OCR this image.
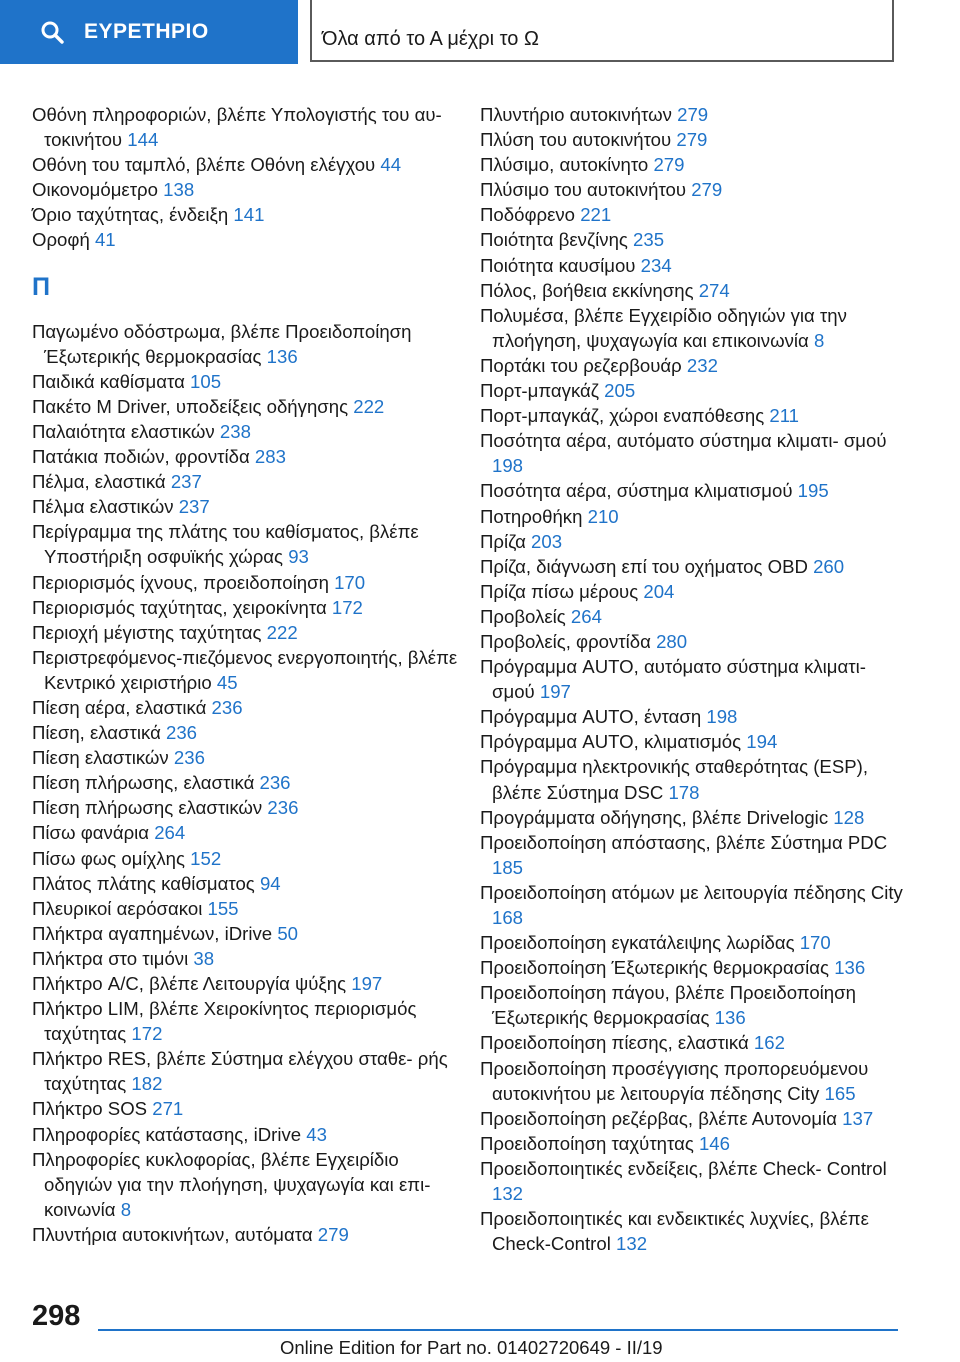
ΕΥΡΕΤΗΡΙΟ	Όλα από το Α μέχρι το Ω
Οθόνη πληροφοριών, βλέπε Υπολογιστής του αυ‐ τοκινήτου 144
Οθόνη του ταμπλό, βλέπε Οθόνη ελέγχου 44
Οικονομόμετρο 138
Όριο ταχύτητας, ένδειξη 141
Οροφή 41
Π
Παγωμένο οδόστρωμα, βλέπε Προειδοποίηση Έξωτερικής θερμοκρασίας 136
Παιδικά καθίσματα 105
Πακέτο M Driver, υποδείξεις οδήγησης 222
Παλαιότητα ελαστικών 238
Πατάκια ποδιών, φροντίδα 283
Πέλμα, ελαστικά 237
Πέλμα ελαστικών 237
Περίγραμμα της πλάτης του καθίσματος, βλέπε Υποστήριξη οσφυϊκής χώρας 93
Περιορισμός ίχνους, προειδοποίηση 170
Περιορισμός ταχύτητας, χειροκίνητα 172
Περιοχή μέγιστης ταχύτητας 222
Περιστρεφόμενος-πιεζόμενος ενεργοποιητής, βλέπε Κεντρικό χειριστήριο 45
Πίεση αέρα, ελαστικά 236
Πίεση, ελαστικά 236
Πίεση ελαστικών 236
Πίεση πλήρωσης, ελαστικά 236
Πίεση πλήρωσης ελαστικών 236
Πίσω φανάρια 264
Πίσω φως ομίχλης 152
Πλάτος πλάτης καθίσματος 94
Πλευρικοί αερόσακοι 155
Πλήκτρα αγαπημένων, iDrive 50
Πλήκτρα στο τιμόνι 38
Πλήκτρο A/C, βλέπε Λειτουργία ψύξης 197
Πλήκτρο LIM, βλέπε Χειροκίνητος περιορισμός ταχύτητας 172
Πλήκτρο RES, βλέπε Σύστημα ελέγχου σταθε‐ ρής ταχύτητας 182
Πλήκτρο SOS 271
Πληροφορίες κατάστασης, iDrive 43
Πληροφορίες κυκλοφορίας, βλέπε Εγχειρίδιο οδηγιών για την πλοήγηση, ψυχαγωγία και επι‐ κοινωνία 8
Πλυντήρια αυτοκινήτων, αυτόματα 279
Πλυντήριο αυτοκινήτων 279
Πλύση του αυτοκινήτου 279
Πλύσιμο, αυτοκίνητο 279
Πλύσιμο του αυτοκινήτου 279
Ποδόφρενο 221
Ποιότητα βενζίνης 235
Ποιότητα καυσίμου 234
Πόλος, βοήθεια εκκίνησης 274
Πολυμέσα, βλέπε Εγχειρίδιο οδηγιών για την πλοήγηση, ψυχαγωγία και επικοινωνία 8
Πορτάκι του ρεζερβουάρ 232
Πορτ-μπαγκάζ 205
Πορτ-μπαγκάζ, χώροι εναπόθεσης 211
Ποσότητα αέρα, αυτόματο σύστημα κλιματι‐ σμού 198
Ποσότητα αέρα, σύστημα κλιματισμού 195
Ποτηροθήκη 210
Πρίζα 203
Πρίζα, διάγνωση επί του οχήματος OBD 260
Πρίζα πίσω μέρους 204
Προβολείς 264
Προβολείς, φροντίδα 280
Πρόγραμμα AUTO, αυτόματο σύστημα κλιματι‐ σμού 197
Πρόγραμμα AUTO, ένταση 198
Πρόγραμμα AUTO, κλιματισμός 194
Πρόγραμμα ηλεκτρονικής σταθερότητας (ESP), βλέπε Σύστημα DSC 178
Προγράμματα οδήγησης, βλέπε Drivelogic 128
Προειδοποίηση απόστασης, βλέπε Σύστημα PDC 185
Προειδοποίηση ατόμων με λειτουργία πέδησης City 168
Προειδοποίηση εγκατάλειψης λωρίδας 170
Προειδοποίηση Έξωτερικής θερμοκρασίας 136
Προειδοποίηση πάγου, βλέπε Προειδοποίηση Έξωτερικής θερμοκρασίας 136
Προειδοποίηση πίεσης, ελαστικά 162
Προειδοποίηση προσέγγισης προπορευόμενου αυτοκινήτου με λειτουργία πέδησης City 165
Προειδοποίηση ρεζέρβας, βλέπε Αυτονομία 137
Προειδοποίηση ταχύτητας 146
Προειδοποιητικές ενδείξεις, βλέπε Check- Control 132
Προειδοποιητικές και ενδεικτικές λυχνίες, βλέπε Check-Control 132
298
Online Edition for Part no. 01402720649 - II/19
